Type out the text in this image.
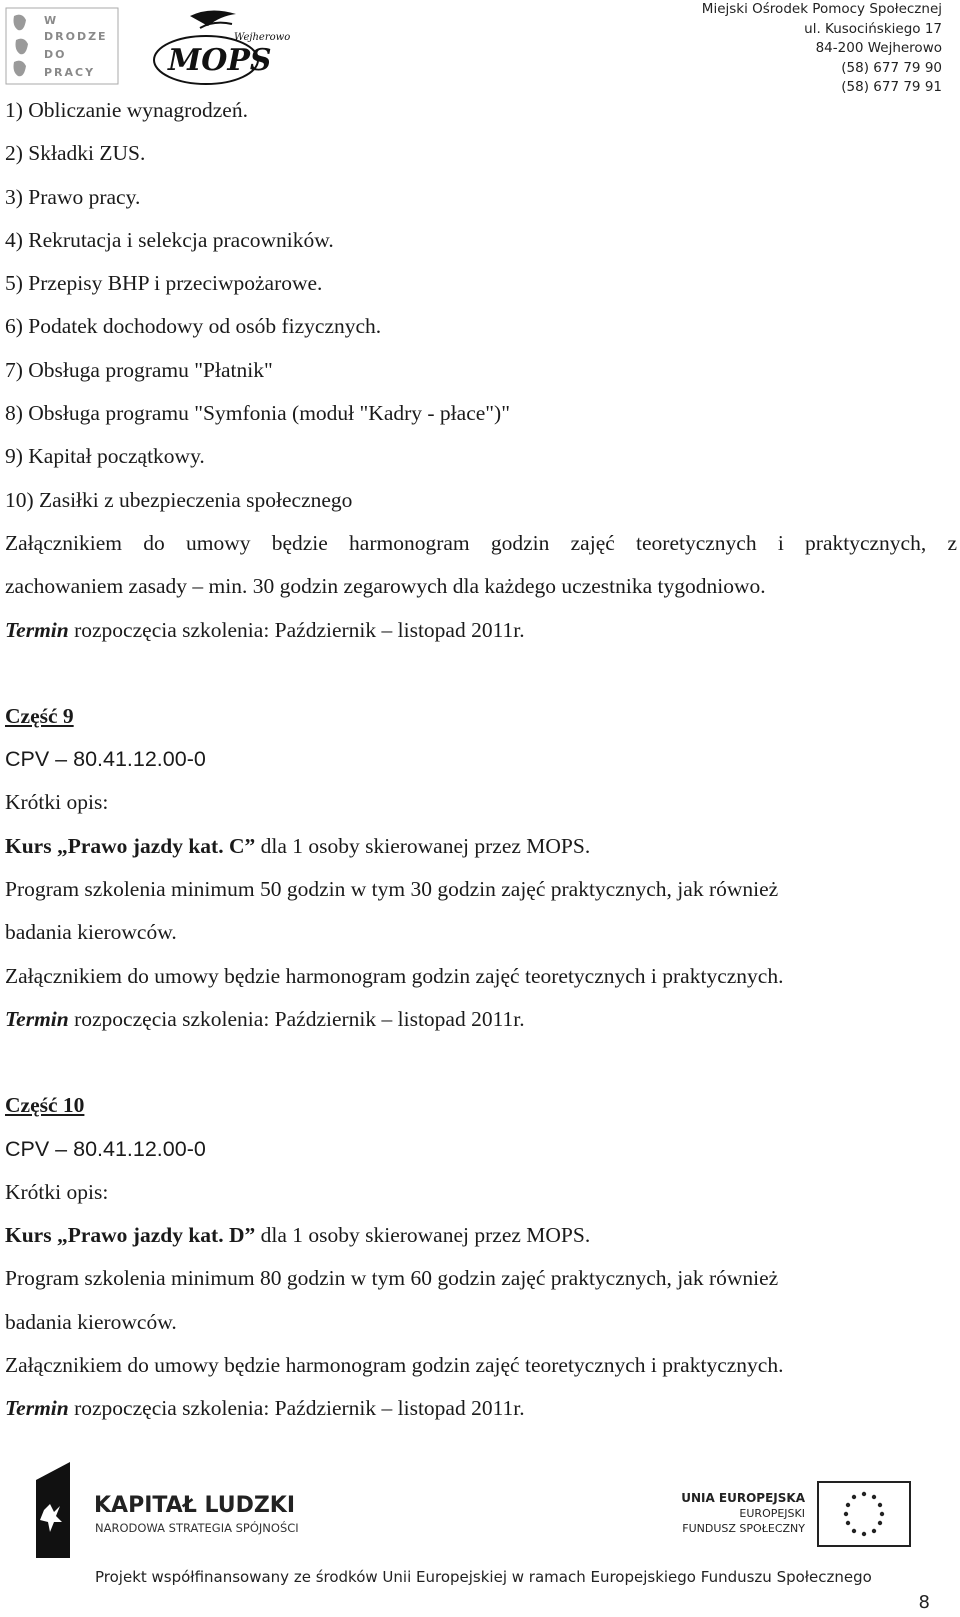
W
DRODZE
DO
PRACY MOPS
Wejherowo
Miejski Ośrodek Pomocy Społecznej
ul. Kusocińskiego 17
84-200 Wejherowo
(58) 677 79 90
(58) 677 79 91
1) Obliczanie wynagrodzeń.
2) Składki ZUS.
3) Prawo pracy.
4) Rekrutacja i selekcja pracowników.
5) Przepisy BHP i przeciwpożarowe.
6) Podatek dochodowy od osób fizycznych.
7) Obsługa programu "Płatnik"
8) Obsługa programu "Symfonia (moduł "Kadry - płace")"
9) Kapitał początkowy.
10) Zasiłki z ubezpieczenia społecznego
Załącznikiem do umowy będzie harmonogram godzin zajęć teoretycznych i praktycznych, z
zachowaniem zasady – min. 30 godzin zegarowych dla każdego uczestnika tygodniowo.
Termin rozpoczęcia szkolenia: Październik – listopad 2011r.
Część 9
CPV – 80.41.12.00-0
Krótki opis:
Kurs „Prawo jazdy kat. C” dla 1 osoby skierowanej przez MOPS.
Program szkolenia minimum 50 godzin w tym 30 godzin zajęć praktycznych, jak również
badania kierowców.
Załącznikiem do umowy będzie harmonogram godzin zajęć teoretycznych i praktycznych.
Termin rozpoczęcia szkolenia: Październik – listopad 2011r.
Część 10
CPV – 80.41.12.00-0
Krótki opis:
Kurs „Prawo jazdy kat. D” dla 1 osoby skierowanej przez MOPS.
Program szkolenia minimum 80 godzin w tym 60 godzin zajęć praktycznych, jak również
badania kierowców.
Załącznikiem do umowy będzie harmonogram godzin zajęć teoretycznych i praktycznych.
Termin rozpoczęcia szkolenia: Październik – listopad 2011r.
KAPITAŁ LUDZKI
NARODOWA STRATEGIA SPÓJNOŚCI
UNIA EUROPEJSKA
EUROPEJSKI
FUNDUSZ SPOŁECZNY
Projekt współfinansowany ze środków Unii Europejskiej w ramach Europejskiego Funduszu Społecznego
8
